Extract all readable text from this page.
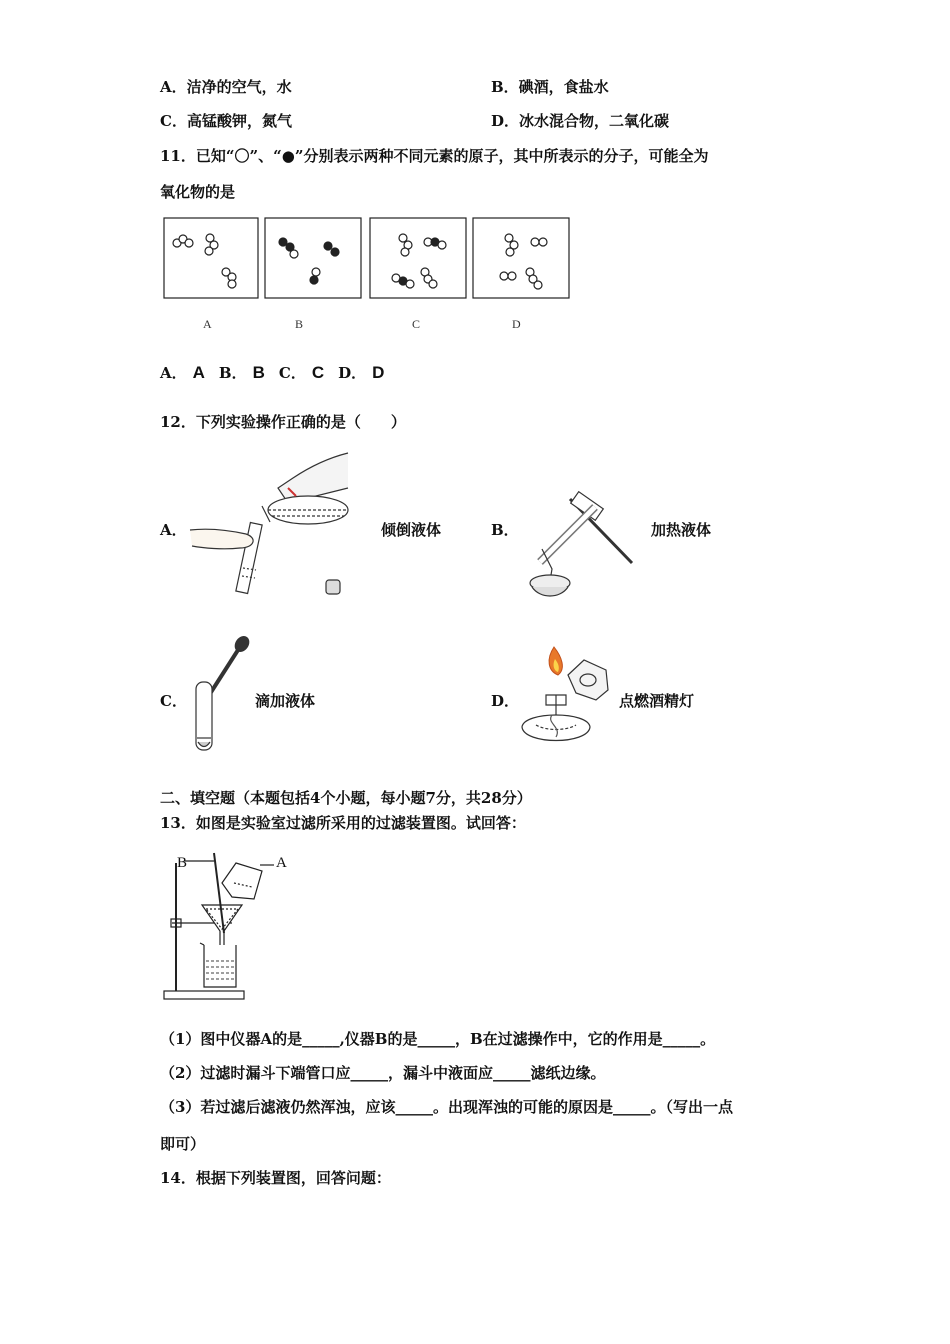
A．洁净的空气，水	B．碘酒，食盐水
C．高锰酸钾，氮气	D．冰水混合物，二氧化碳
11．已知“〇”、“●”分别表示两种不同元素的原子，其中所表示的分子，可能全为
氧化物的是
A	B	C	D
A． A B． B C． C D． D
12．下列实验操作正确的是（　　）
A．	倾倒液体	B．	加热液体
C．	滴加液体	D．	点燃酒精灯
二、填空题（本题包括4个小题，每小题7分，共28分）
13．如图是实验室过滤所采用的过滤装置图。试回答：
B	A
（1）图中仪器A的是_____,仪器B的是_____，B在过滤操作中，它的作用是_____。
（2）过滤时漏斗下端管口应_____，漏斗中液面应_____滤纸边缘。
（3）若过滤后滤液仍然浑浊，应该_____。出现浑浊的可能的原因是_____。（写出一点
即可）
14．根据下列装置图，回答问题：
